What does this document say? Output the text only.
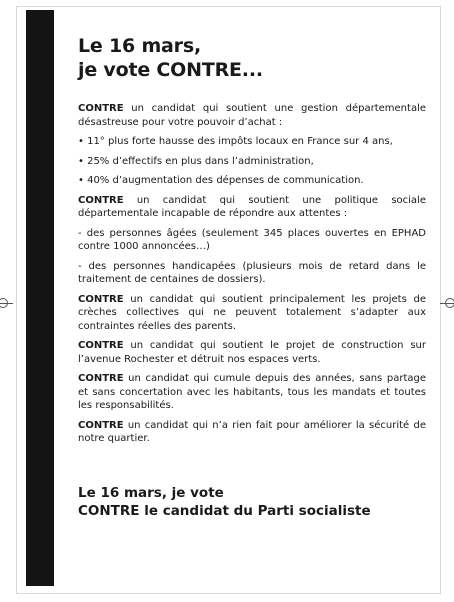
Le 16 mars,
je vote CONTRE...

CONTRE un candidat qui soutient une gestion départementale désastreuse pour votre pouvoir d’achat :

• 11° plus forte hausse des impôts locaux en France sur 4 ans,

• 25% d’effectifs en plus dans l’administration,

• 40% d’augmentation des dépenses de communication.

CONTRE un candidat qui soutient une politique sociale départementale incapable de répondre aux attentes :

- des personnes âgées (seulement 345 places ouvertes en EPHAD contre 1000 annoncées…)

- des personnes handicapées (plusieurs mois de retard dans le traitement de centaines de dossiers).

CONTRE un candidat qui soutient principalement les projets de crèches collectives qui ne peuvent totalement s’adapter aux contraintes réelles des parents.

CONTRE un candidat qui soutient le projet de construction sur l’avenue Rochester et détruit nos espaces verts.

CONTRE un candidat qui cumule depuis des années, sans partage et sans concertation avec les habitants, tous les mandats et toutes les responsabilités.

CONTRE un candidat qui n’a rien fait pour améliorer la sécurité de notre quartier.

Le 16 mars, je vote
CONTRE le candidat du Parti socialiste
